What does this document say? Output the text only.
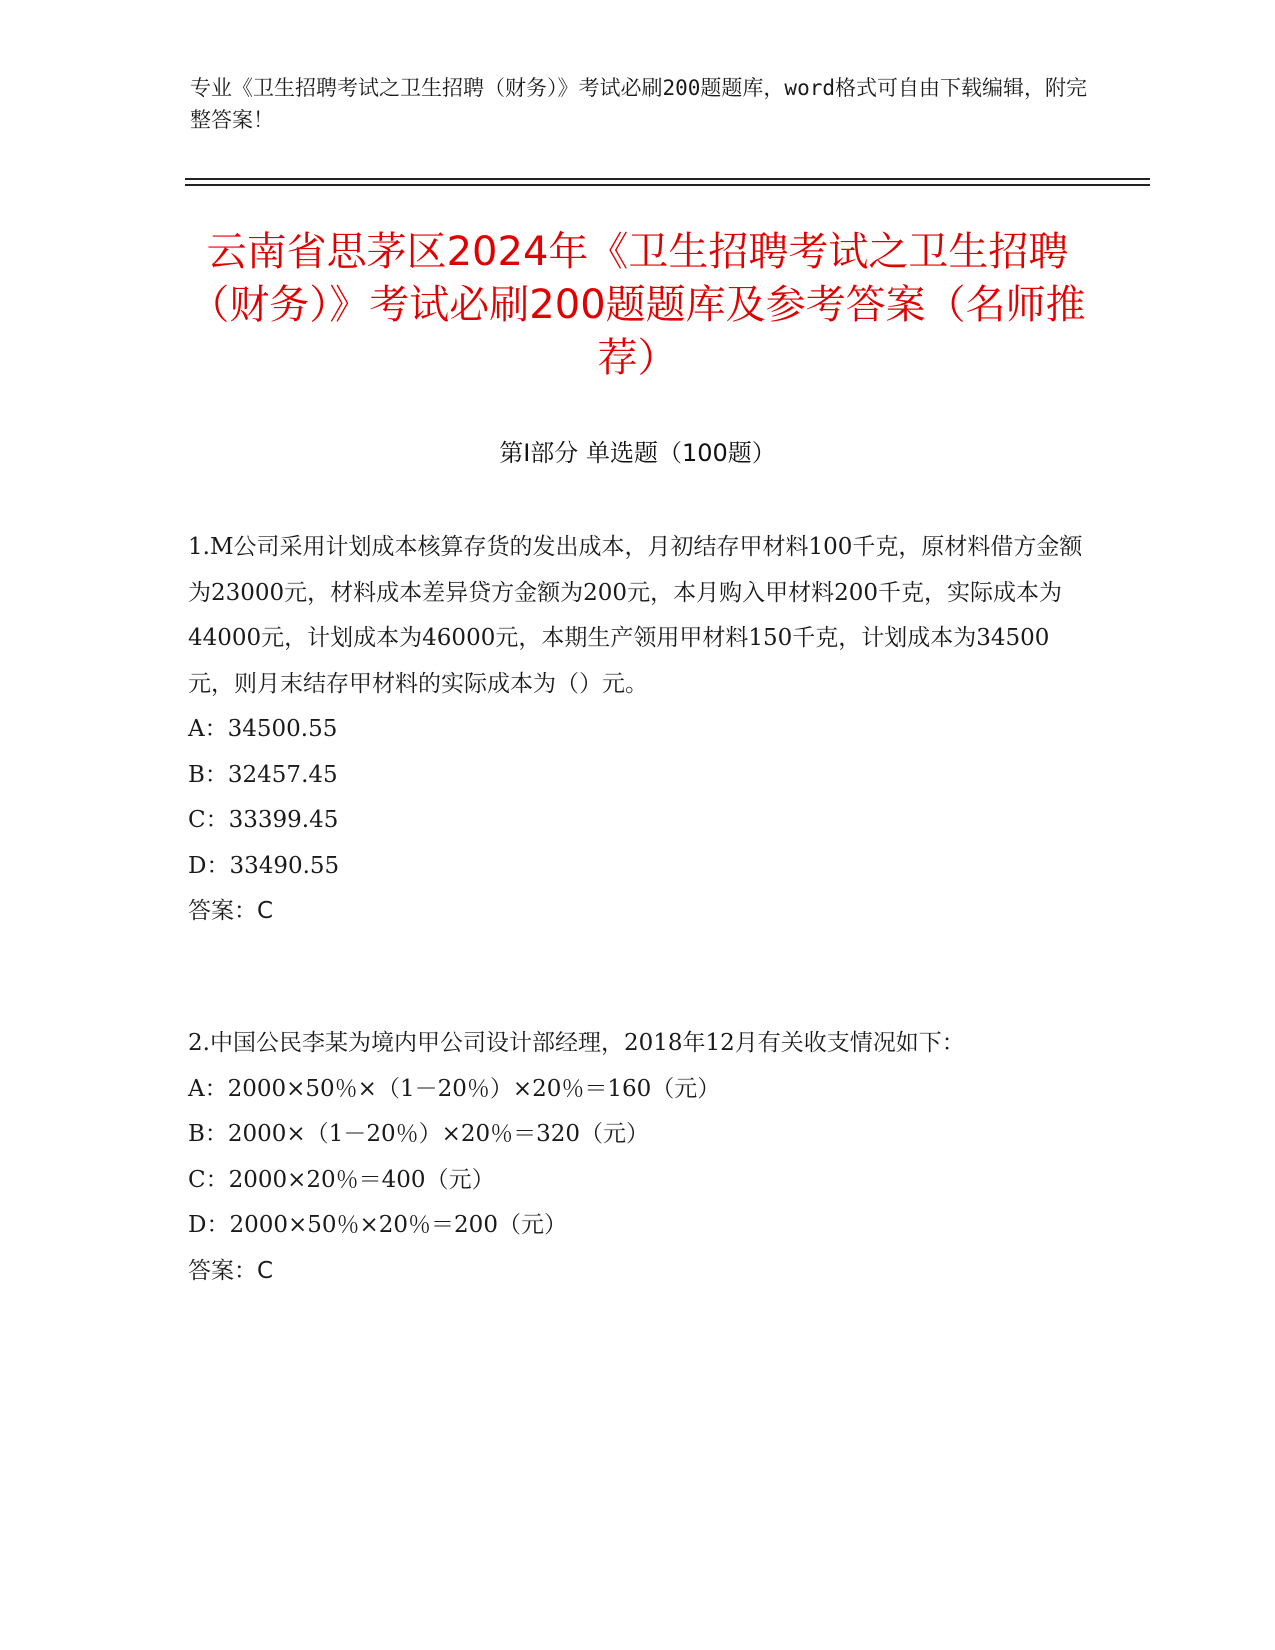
专业《卫生招聘考试之卫生招聘（财务）》考试必刷200题题库，word格式可自由下载编辑，附完整答案！
云南省思茅区2024年《卫生招聘考试之卫生招聘（财务）》考试必刷200题题库及参考答案（名师推荐）
第Ⅰ部分 单选题（100题）

1.M公司采用计划成本核算存货的发出成本，月初结存甲材料100千克，原材料借方金额为23000元，材料成本差异贷方金额为200元，本月购入甲材料200千克，实际成本为44000元，计划成本为46000元，本期生产领用甲材料150千克，计划成本为34500元，则月末结存甲材料的实际成本为（）元。

A：34500.55

B：32457.45

C：33399.45

D：33490.55

答案：C

2.中国公民李某为境内甲公司设计部经理，2018年12月有关收支情况如下：

A：2000×50％×（1－20％）×20％＝160（元）

B：2000×（1－20％）×20％＝320（元）

C：2000×20％＝400（元）

D：2000×50％×20％＝200（元）

答案：C
